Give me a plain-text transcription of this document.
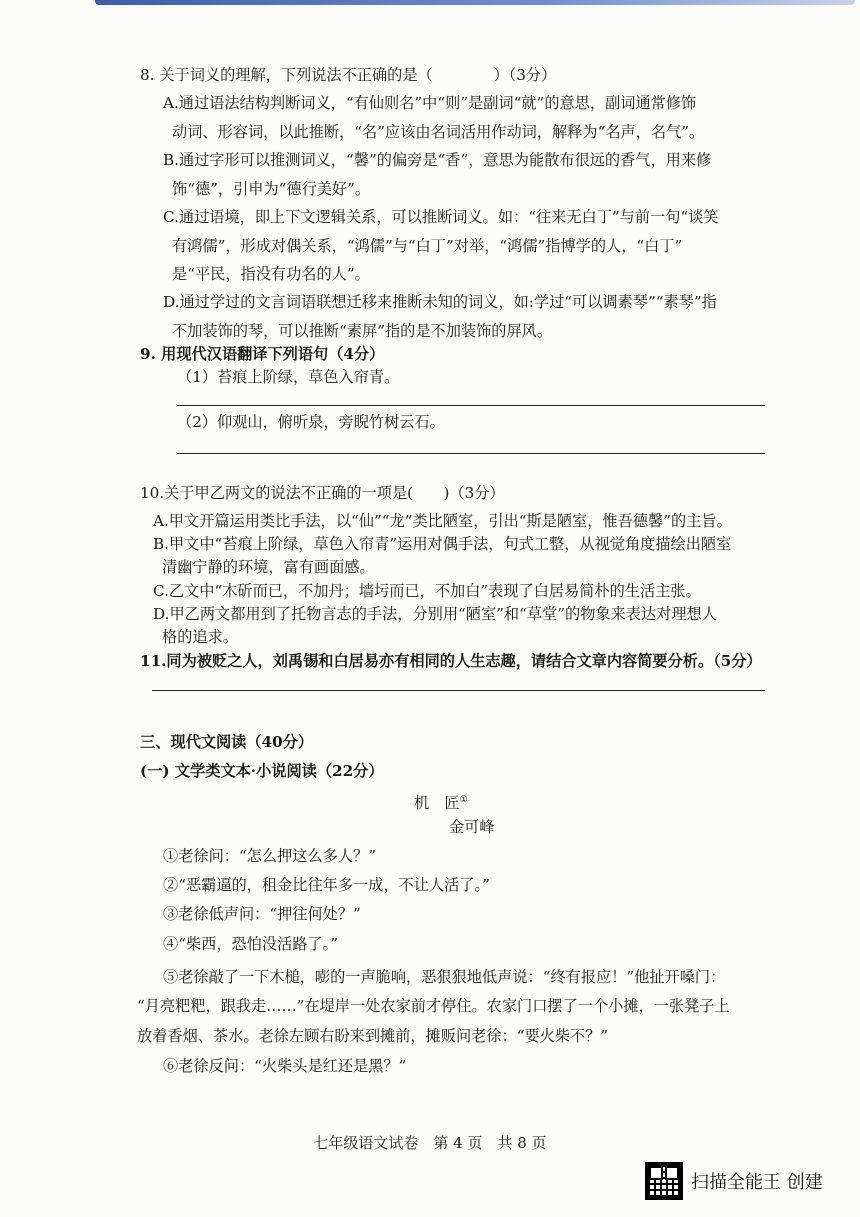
8. 关于词义的理解，下列说法不正确的是（　　　　）（3分）
A.通过语法结构判断词义，“有仙则名”中“则”是副词“就”的意思，副词通常修饰
动词、形容词，以此推断，“名”应该由名词活用作动词，解释为“名声，名气”。
B.通过字形可以推测词义，“馨”的偏旁是“香”，意思为能散布很远的香气，用来修
饰“德”，引申为“德行美好”。
C.通过语境，即上下文逻辑关系，可以推断词义。如：“往来无白丁”与前一句“谈笑
有鸿儒”，形成对偶关系，“鸿儒”与“白丁”对举，“鸿儒”指博学的人，“白丁”
是“平民，指没有功名的人”。
D.通过学过的文言词语联想迁移来推断未知的词义，如:学过“可以调素琴”“素琴”指
不加装饰的琴，可以推断“素屏”指的是不加装饰的屏风。
9. 用现代汉语翻译下列语句（4分）
（1）苔痕上阶绿，草色入帘青。
（2）仰观山，俯听泉，旁睨竹树云石。
10.关于甲乙两文的说法不正确的一项是(　　)（3分）
A.甲文开篇运用类比手法，以“仙”“龙”类比陋室，引出“斯是陋室，惟吾德馨”的主旨。
B.甲文中“苔痕上阶绿，草色入帘青”运用对偶手法，句式工整，从视觉角度描绘出陋室
清幽宁静的环境，富有画面感。
C.乙文中“木斫而已，不加丹；墙圬而已，不加白”表现了白居易简朴的生活主张。
D.甲乙两文都用到了托物言志的手法，分别用“陋室”和“草堂”的物象来表达对理想人
格的追求。
11.同为被贬之人，刘禹锡和白居易亦有相同的人生志趣，请结合文章内容简要分析。（5分）
三、现代文阅读（40分）
(一) 文学类文本·小说阅读（22分）
机　匠①
金可峰
①老徐问：“怎么押这么多人？”
②“恶霸逼的，租金比往年多一成，不让人活了。”
③老徐低声问：“押往何处？”
④“柴西，恐怕没活路了。”
⑤老徐敲了一下木槌，嘭的一声脆响，恶狠狠地低声说：“终有报应！”他扯开嗓门：
“月亮粑粑，跟我走……”在堤岸一处农家前才停住。农家门口摆了一个小摊，一张凳子上
放着香烟、茶水。老徐左顾右盼来到摊前，摊贩问老徐：“要火柴不？”
⑥老徐反问：“火柴头是红还是黑？”
七年级语文试卷　第 4 页　共 8 页
扫描全能王 创建
